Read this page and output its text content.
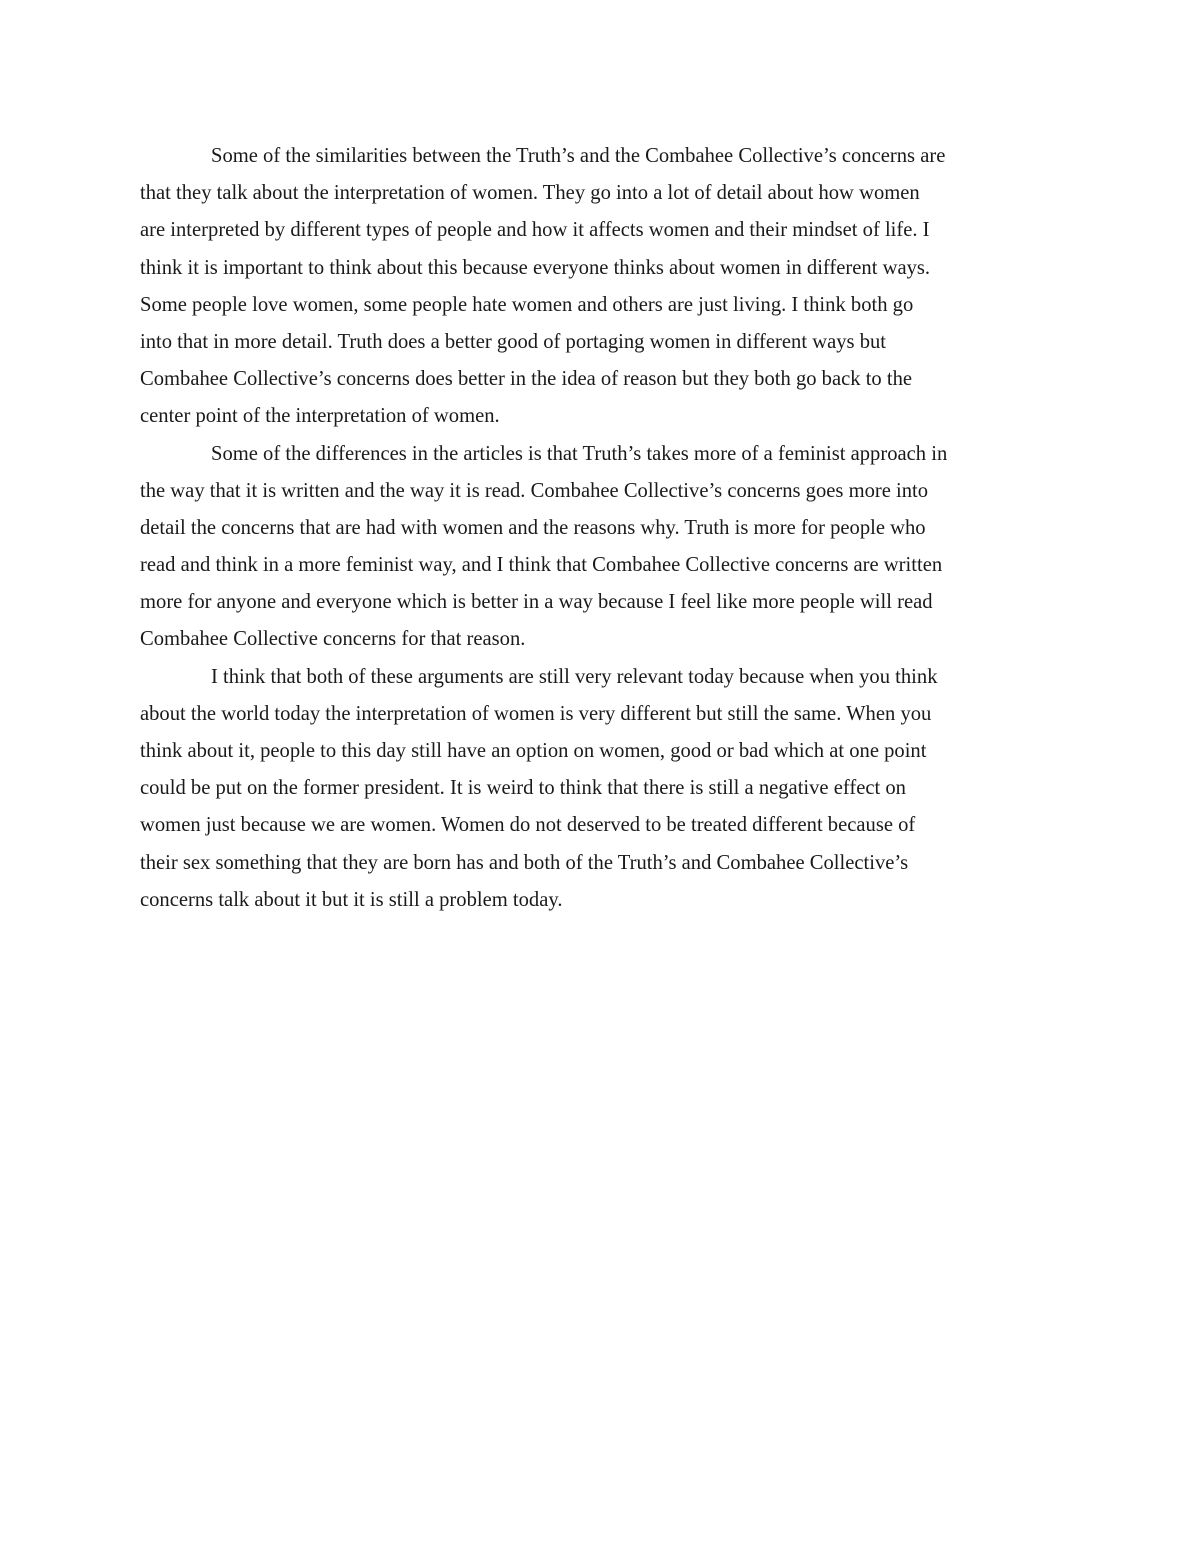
Some of the similarities between the Truth’s and the Combahee Collective’s concerns are
that they talk about the interpretation of women. They go into a lot of detail about how women
are interpreted by different types of people and how it affects women and their mindset of life. I
think it is important to think about this because everyone thinks about women in different ways.
Some people love women, some people hate women and others are just living. I think both go
into that in more detail. Truth does a better good of portaging women in different ways but
Combahee Collective’s concerns does better in the idea of reason but they both go back to the
center point of the interpretation of women.
Some of the differences in the articles is that Truth’s takes more of a feminist approach in
the way that it is written and the way it is read. Combahee Collective’s concerns goes more into
detail the concerns that are had with women and the reasons why. Truth is more for people who
read and think in a more feminist way, and I think that Combahee Collective concerns are written
more for anyone and everyone which is better in a way because I feel like more people will read
Combahee Collective concerns for that reason.
I think that both of these arguments are still very relevant today because when you think
about the world today the interpretation of women is very different but still the same. When you
think about it, people to this day still have an option on women, good or bad which at one point
could be put on the former president. It is weird to think that there is still a negative effect on
women just because we are women. Women do not deserved to be treated different because of
their sex something that they are born has and both of the Truth’s and Combahee Collective’s
concerns talk about it but it is still a problem today.
